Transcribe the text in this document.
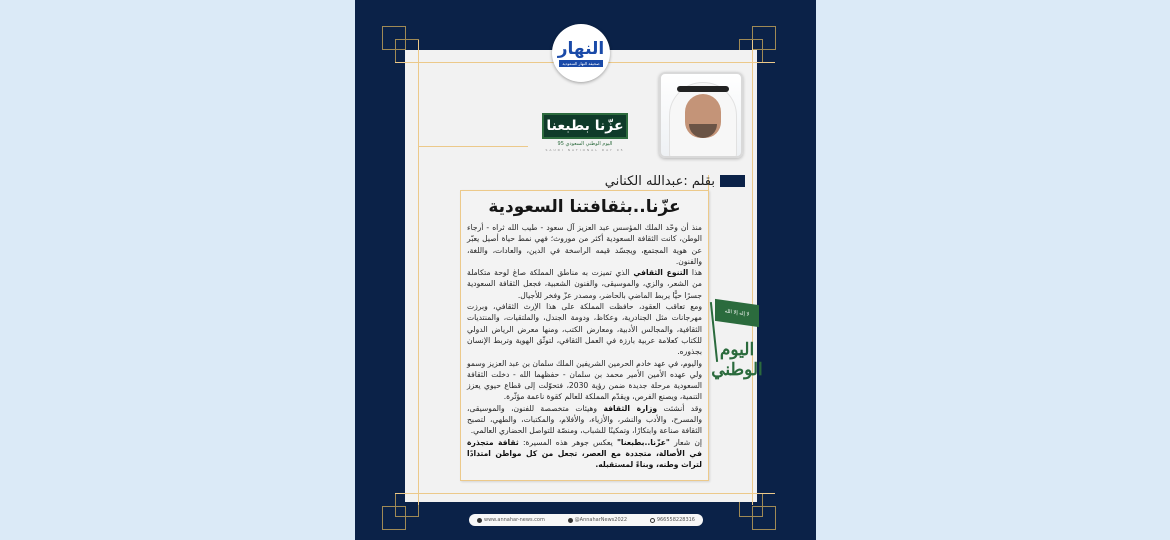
النهار
صحيفة النهار السعودية
عزّنا بطبعنا
اليوم الوطني السعودي 95
SAUDI NATIONAL DAY 95
بقلم :عبدالله الكناني
عزّنا..بثقافتنا السعودية
منذ أن وحّد الملك المؤسس عبد العزيز آل سعود - طيب الله ثراه - أرجاء الوطن، كانت الثقافة السعودية أكثر من موروث؛ فهي نمط حياة أصيل يعبّر عن هوية المجتمع، ويجسّد قيمه الراسخة في الدين، والعادات، واللغة، والفنون.
هذا التنوع الثقافي الذي تميزت به مناطق المملكة صاغ لوحة متكاملة من الشعر، والزي، والموسيقى، والفنون الشعبية، فجعل الثقافة السعودية جسرًا حيًّا يربط الماضي بالحاضر، ومصدر عزّ وفخر للأجيال.
ومع تعاقب العقود، حافظت المملكة على هذا الإرث الثقافي، وبرزت مهرجانات مثل الجنادرية، وعكاظ، ودومة الجندل، والملتقيات، والمنتديات الثقافية، والمجالس الأدبية، ومعارض الكتب، ومنها معرض الرياض الدولي للكتاب كعلامة عربية بارزة في العمل الثقافي، لتوثّق الهوية وتربط الإنسان بجذوره.
واليوم، في عهد خادم الحرمين الشريفين الملك سلمان بن عبد العزيز وسمو ولي عهده الأمين الأمير محمد بن سلمان - حفظهما الله - دخلت الثقافة السعودية مرحلة جديدة ضمن رؤية 2030، فتحوّلت إلى قطاع حيوي يعزز التنمية، ويصنع الفرص، ويقدّم المملكة للعالم كقوة ناعمة مؤثّرة.
وقد أنشئت وزارة الثقافة وهيئات متخصصة للفنون، والموسيقى، والمسرح، والأدب والنشر، والأزياء، والأفلام، والمكتبات، والطهي، لتصبح الثقافة صناعة وابتكارًا، وتمكينًا للشباب، ومنصّة للتواصل الحضاري العالمي.
إن شعار "عزّنا..بطبعنا" يعكس جوهر هذه المسيرة: ثقافة متجذرة في الأصالة، متجددة مع العصر، تجعل من كل مواطن امتدادًا لتراث وطنه، وبناءً لمستقبله.
لا إله إلا الله
اليوم الوطني
www.annahar-news.com	@AnnaharNews2022	966558228316
